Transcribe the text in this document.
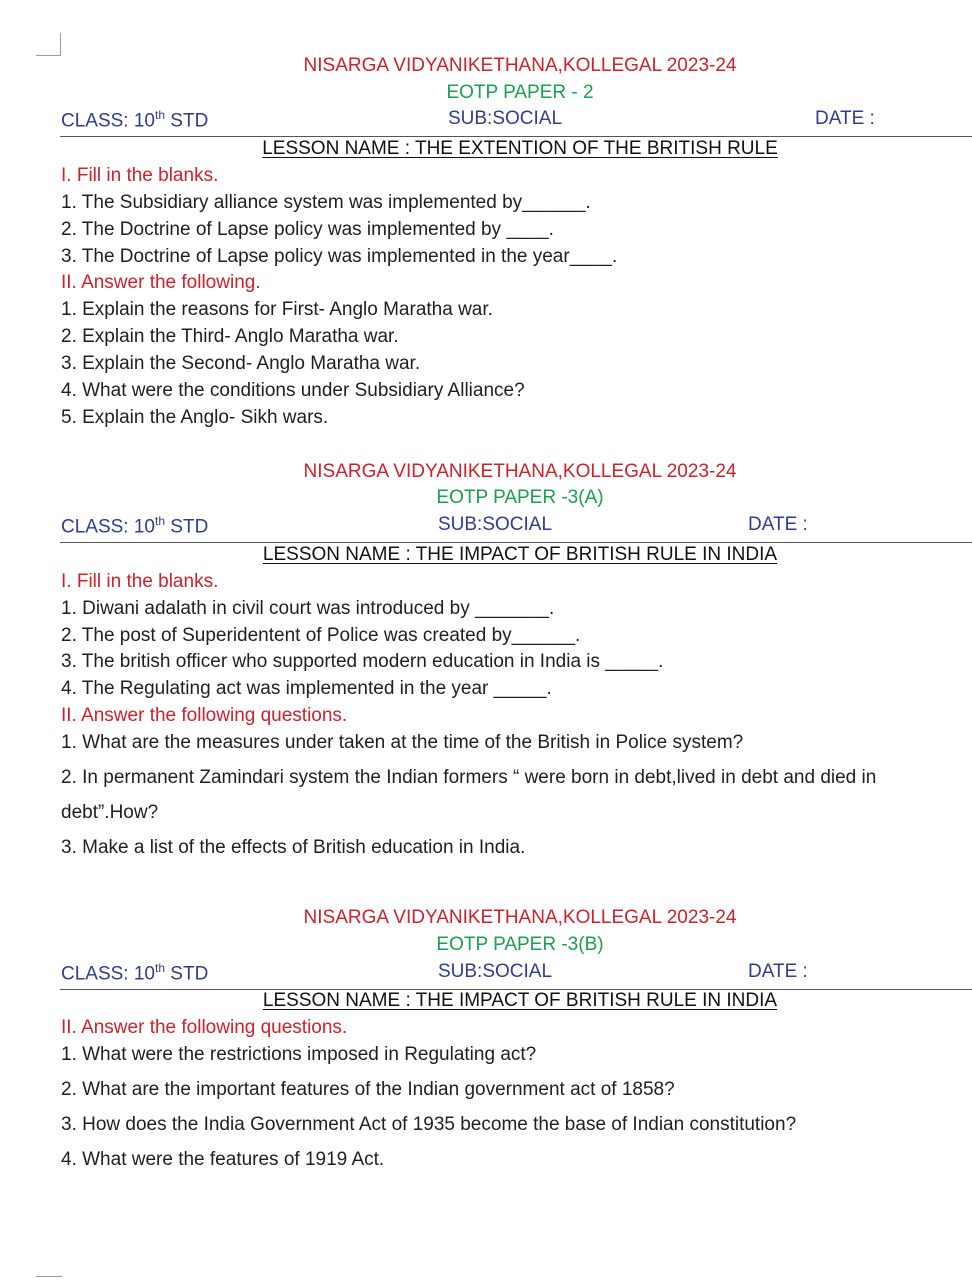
NISARGA VIDYANIKETHANA,KOLLEGAL 2023-24
EOTP PAPER - 2
CLASS: 10th STD	SUB:SOCIAL	DATE :
LESSON NAME : THE EXTENTION OF THE BRITISH RULE
I. Fill in the blanks.
1. The Subsidiary alliance system was implemented by______.
2. The Doctrine of Lapse policy was implemented by ____.
3. The Doctrine of Lapse policy was implemented in the year____.
II. Answer the following.
1. Explain the reasons for First- Anglo Maratha war.
2. Explain the Third- Anglo Maratha war.
3. Explain the Second- Anglo Maratha war.
4. What were the conditions under Subsidiary Alliance?
5. Explain the Anglo- Sikh wars.
NISARGA VIDYANIKETHANA,KOLLEGAL 2023-24
EOTP PAPER -3(A)
CLASS: 10th STD	SUB:SOCIAL	DATE :
LESSON NAME : THE IMPACT OF BRITISH RULE IN INDIA
I. Fill in the blanks.
1. Diwani adalath in civil court was introduced by _______.
2. The post of Superidentent of Police was created by______.
3. The british officer who supported modern education in India is _____.
4. The Regulating act was implemented in the year _____.
II. Answer the following questions.
1. What are the measures under taken at the time of the British in Police system?
2. In permanent Zamindari system the Indian formers “ were born in debt,lived in debt and died in
debt”.How?
3. Make a list of the effects of British education in India.
NISARGA VIDYANIKETHANA,KOLLEGAL 2023-24
EOTP PAPER -3(B)
CLASS: 10th STD	SUB:SOCIAL	DATE :
LESSON NAME : THE IMPACT OF BRITISH RULE IN INDIA
II. Answer the following questions.
1. What were the restrictions imposed in Regulating act?
2. What are the important features of the Indian government act of 1858?
3. How does the India Government Act of 1935 become the base of Indian constitution?
4. What were the features of 1919 Act.
